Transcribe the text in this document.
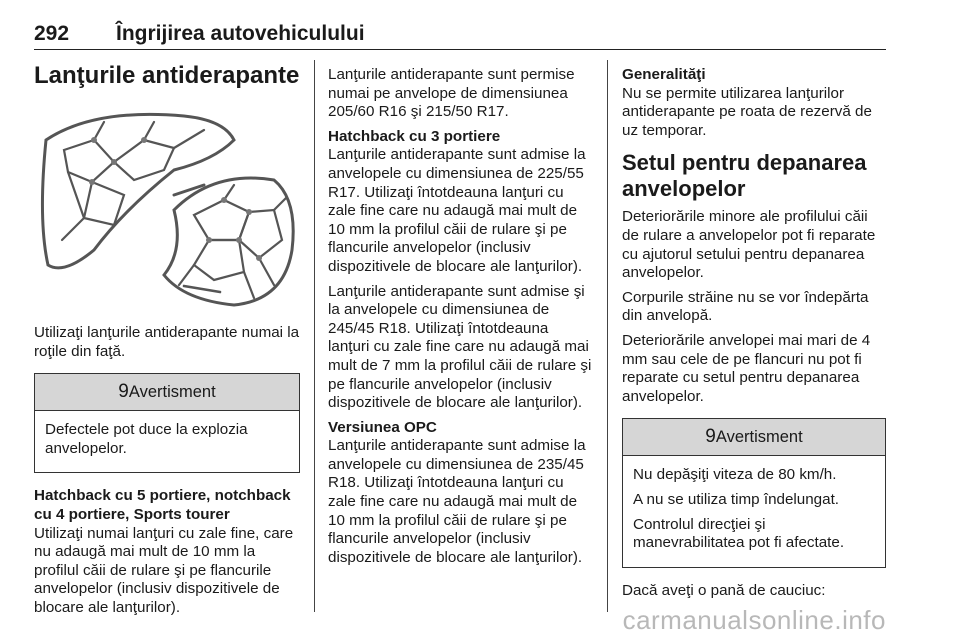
292 Îngrijirea autovehiculului
Lanţurile antiderapante

Utilizaţi lanţurile antiderapante numai la roţile din faţă.

9Avertisment

Defectele pot duce la explozia anvelopelor.

Hatchback cu 5 portiere, notchback cu 4 portiere, Sports tourer

Utilizaţi numai lanţuri cu zale fine, care nu adaugă mai mult de 10 mm la profilul căii de rulare şi pe flancurile anvelopelor (inclusiv dispozitivele de blocare ale lanţurilor).

Lanţurile antiderapante sunt permise numai pe anvelope de dimensiunea 205/60 R16 şi 215/50 R17.

Hatchback cu 3 portiere

Lanţurile antiderapante sunt admise la anvelopele cu dimensiunea de 225/55 R17. Utilizaţi întotdeauna lanţuri cu zale fine care nu adaugă mai mult de 10 mm la profilul căii de rulare şi pe flancurile anvelopelor (inclusiv dispozitivele de blocare ale lanţurilor).

Lanţurile antiderapante sunt admise şi la anvelopele cu dimensiunea de 245/45 R18. Utilizaţi întotdeauna lanţuri cu zale fine care nu adaugă mai mult de 7 mm la profilul căii de rulare şi pe flancurile anvelopelor (inclusiv dispozitivele de blocare ale lanţurilor).

Versiunea OPC

Lanţurile antiderapante sunt admise la anvelopele cu dimensiunea de 235/45 R18. Utilizaţi întotdeauna lanţuri cu zale fine care nu adaugă mai mult de 10 mm la profilul căii de rulare şi pe flancurile anvelopelor (inclusiv dispozitivele de blocare ale lanţurilor).

Generalităţi

Nu se permite utilizarea lanţurilor antiderapante pe roata de rezervă de uz temporar.

Setul pentru depanarea anvelopelor

Deteriorările minore ale profilului căii de rulare a anvelopelor pot fi reparate cu ajutorul setului pentru depanarea anvelopelor.

Corpurile străine nu se vor îndepărta din anvelopă.

Deteriorările anvelopei mai mari de 4 mm sau cele de pe flancuri nu pot fi reparate cu setul pentru depanarea anvelopelor.

9Avertisment

Nu depăşiţi viteza de 80 km/h.

A nu se utiliza timp îndelungat.

Controlul direcţiei şi manevrabilitatea pot fi afectate.

Dacă aveţi o pană de cauciuc:

carmanualsonline.info
